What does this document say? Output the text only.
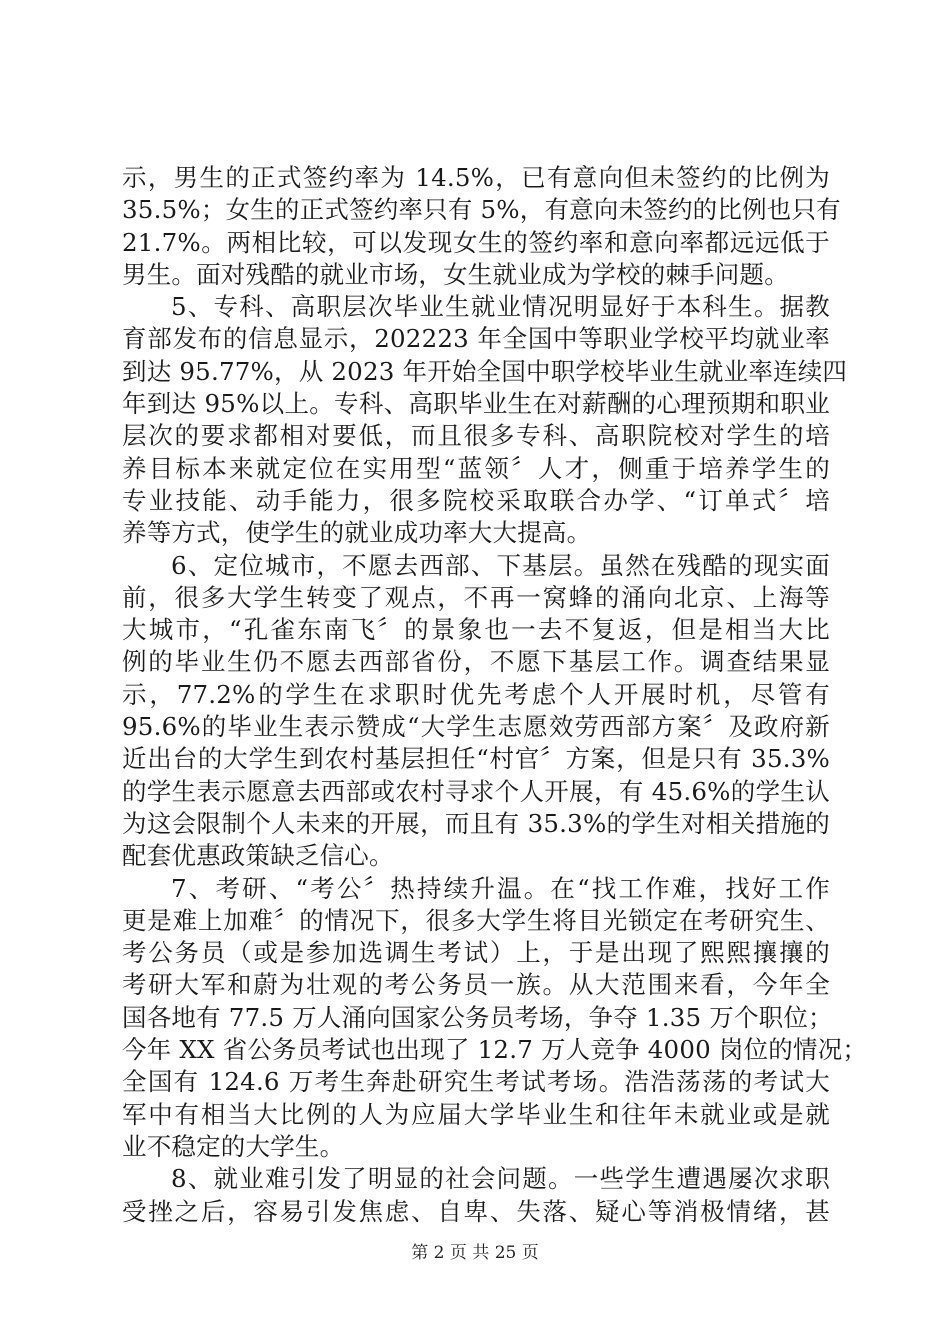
示，男生的正式签约率为 14.5%，已有意向但未签约的比例为
35.5%；女生的正式签约率只有 5%，有意向未签约的比例也只有
21.7%。两相比较，可以发现女生的签约率和意向率都远远低于
男生。面对残酷的就业市场，女生就业成为学校的棘手问题。
5、专科、高职层次毕业生就业情况明显好于本科生。据教
育部发布的信息显示，202223 年全国中等职业学校平均就业率
到达 95.77%，从 2023 年开始全国中职学校毕业生就业率连续四
年到达 95%以上。专科、高职毕业生在对薪酬的心理预期和职业
层次的要求都相对要低，而且很多专科、高职院校对学生的培
养目标本来就定位在实用型“蓝领〞人才，侧重于培养学生的
专业技能、动手能力，很多院校采取联合办学、“订单式〞培
养等方式，使学生的就业成功率大大提高。
6、定位城市，不愿去西部、下基层。虽然在残酷的现实面
前，很多大学生转变了观点，不再一窝蜂的涌向北京、上海等
大城市，“孔雀东南飞〞的景象也一去不复返，但是相当大比
例的毕业生仍不愿去西部省份，不愿下基层工作。调查结果显
示，77.2%的学生在求职时优先考虑个人开展时机，尽管有
95.6%的毕业生表示赞成“大学生志愿效劳西部方案〞及政府新
近出台的大学生到农村基层担任“村官〞方案，但是只有 35.3%
的学生表示愿意去西部或农村寻求个人开展，有 45.6%的学生认
为这会限制个人未来的开展，而且有 35.3%的学生对相关措施的
配套优惠政策缺乏信心。
7、考研、“考公〞热持续升温。在“找工作难，找好工作
更是难上加难〞的情况下，很多大学生将目光锁定在考研究生、
考公务员（或是参加选调生考试）上，于是出现了熙熙攘攘的
考研大军和蔚为壮观的考公务员一族。从大范围来看，今年全
国各地有 77.5 万人涌向国家公务员考场，争夺 1.35 万个职位；
今年 XX 省公务员考试也出现了 12.7 万人竞争 4000 岗位的情况；
全国有 124.6 万考生奔赴研究生考试考场。浩浩荡荡的考试大
军中有相当大比例的人为应届大学毕业生和往年未就业或是就
业不稳定的大学生。
8、就业难引发了明显的社会问题。一些学生遭遇屡次求职
受挫之后，容易引发焦虑、自卑、失落、疑心等消极情绪，甚
第 2 页 共 25 页
